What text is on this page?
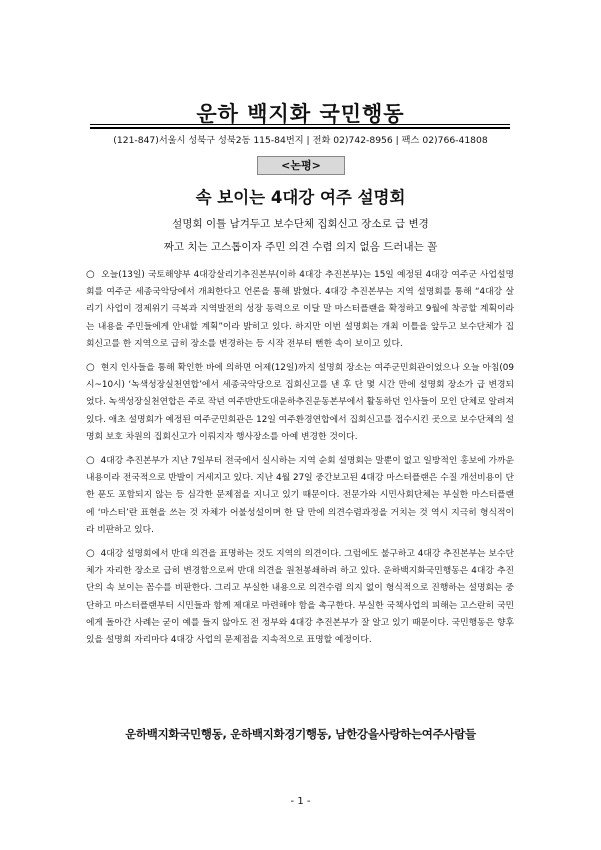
운하 백지화 국민행동
(121-847)서울시 성북구 성북2동 115-84번지 | 전화 02)742-8956 | 팩스 02)766-41808
<논평>
속 보이는 4대강 여주 설명회
설명회 이틀 남겨두고 보수단체 집회신고 장소로 급 변경
짜고 치는 고스톱이자 주민 의견 수렴 의지 없음 드러내는 꼴

○ 오늘(13일) 국토해양부 4대강살리기추진본부(이하 4대강 추진본부)는 15일 예정된 4대강 여주군 사업설명회를 여주군 세종국악당에서 개최한다고 언론을 통해 밝혔다. 4대강 추진본부는 지역 설명회를 통해 “4대강 살리기 사업이 경제위기 극복과 지역발전의 성장 동력으로 이달 말 마스터플랜을 확정하고 9월에 착공할 계획이라는 내용을 주민들에게 안내할 계획”이라 밝히고 있다. 하지만 이번 설명회는 개최 이틀을 앞두고 보수단체가 집회신고를 한 지역으로 급히 장소를 변경하는 등 시작 전부터 뻔한 속이 보이고 있다.

○ 현지 인사들을 통해 확인한 바에 의하면 어제(12일)까지 설명회 장소는 여주군민회관이었으나 오늘 아침(09시~10시) ‘녹색성장실천연합’에서 세종국악당으로 집회신고를 낸 후 단 몇 시간 만에 설명회 장소가 급 변경되었다. 녹색성장실천연합은 주로 작년 여주반반도대운하추진운동본부에서 활동하던 인사들이 모인 단체로 알려져 있다. 애초 설명회가 예정된 여주군민회관은 12일 여주환경연합에서 집회신고를 접수시킨 곳으로 보수단체의 설명회 보호 차원의 집회신고가 이뤄지자 행사장소를 아예 변경한 것이다.

○ 4대강 추진본부가 지난 7일부터 전국에서 실시하는 지역 순회 설명회는 말뿐이 없고 일방적인 홍보에 가까운 내용이라 전국적으로 반발이 거세지고 있다. 지난 4월 27일 중간보고된 4대강 마스터플랜은 수질 개선비용이 단 한 푼도 포함되지 않는 등 심각한 문제점을 지니고 있기 때문이다. 전문가와 시민사회단체는 부실한 마스터플랜에 ‘마스터’란 표현을 쓰는 것 자체가 어불성설이며 한 달 만에 의견수렴과정을 거치는 것 역시 지극히 형식적이라 비판하고 있다.

○ 4대강 설명회에서 반대 의견을 표명하는 것도 지역의 의견이다. 그럼에도 불구하고 4대강 추진본부는 보수단체가 자리한 장소로 급히 변경함으로써 반대 의견을 원천봉쇄하려 하고 있다. 운하백지화국민행동은 4대강 추진단의 속 보이는 꼼수를 비판한다. 그리고 부실한 내용으로 의견수렴 의지 없이 형식적으로 진행하는 설명회는 중단하고 마스터플랜부터 시민들과 함께 제대로 마련해야 함을 촉구한다. 부실한 국책사업의 피해는 고스란히 국민에게 돌아간 사례는 굳이 예를 들지 않아도 전 정부와 4대강 추진본부가 잘 알고 있기 때문이다. 국민행동은 향후 있을 설명회 자리마다 4대강 사업의 문제점을 지속적으로 표명할 예정이다.

운하백지화국민행동, 운하백지화경기행동, 남한강을사랑하는여주사람들
- 1 -
